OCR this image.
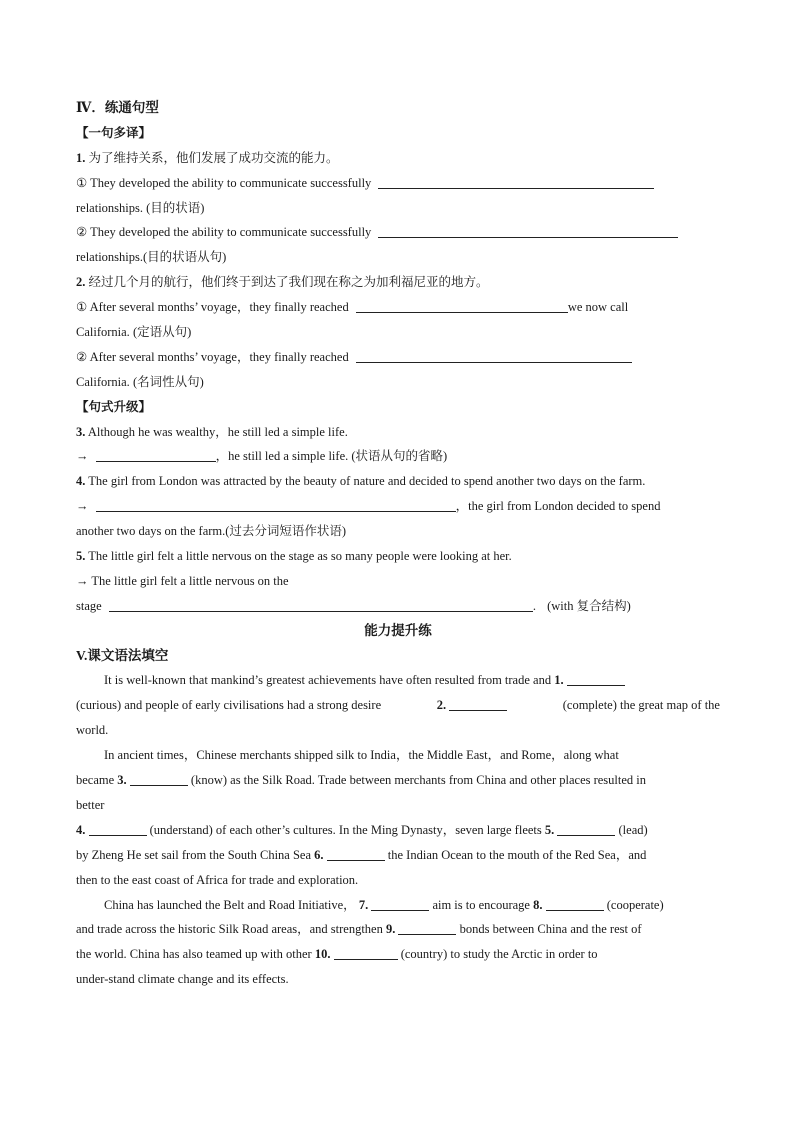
Ⅳ．练通句型
【一句多译】
1. 为了维持关系，他们发展了成功交流的能力。
① They developed the ability to communicate successfully
relationships. (目的状语)
② They developed the ability to communicate successfully
relationships.(目的状语从句)
2. 经过几个月的航行，他们终于到达了我们现在称之为加利福尼亚的地方。
① After several months’ voyage，they finally reached	we now call
California. (定语从句)
② After several months’ voyage，they finally reached
California. (名词性从句)
【句式升级】
3. Although he was wealthy，he still led a simple life.
→	，he still led a simple life. (状语从句的省略)
4. The girl from London was attracted by the beauty of nature and decided to spend another two days on the farm.
→	，the girl from London decided to spend
another two days on the farm.(过去分词短语作状语)
5. The little girl felt a little nervous on the stage as so many people were looking at her.
→ The little girl felt a little nervous on the
stage	. (with 复合结构)
能力提升练
V.课文语法填空
It is well-known that mankind’s greatest achievements have often resulted from trade and 1.
(curious) and people of early civilisations had a strong desire	2.	(complete) the great map of the
world.
In ancient times，Chinese merchants shipped silk to India，the Middle East，and Rome，along what
became 3.	(know) as the Silk Road. Trade between merchants from China and other places resulted in
better
4.	(understand) of each other’s cultures. In the Ming Dynasty，seven large fleets 5.	(lead)
by Zheng He set sail from the South China Sea 6.	the Indian Ocean to the mouth of the Red Sea，and
then to the east coast of Africa for trade and exploration.
China has launched the Belt and Road Initiative， 7.	aim is to encourage 8.	(cooperate)
and trade across the historic Silk Road areas，and strengthen 9.	bonds between China and the rest of
the world. China has also teamed up with other 10.	(country) to study the Arctic in order to
under-stand climate change and its effects.
